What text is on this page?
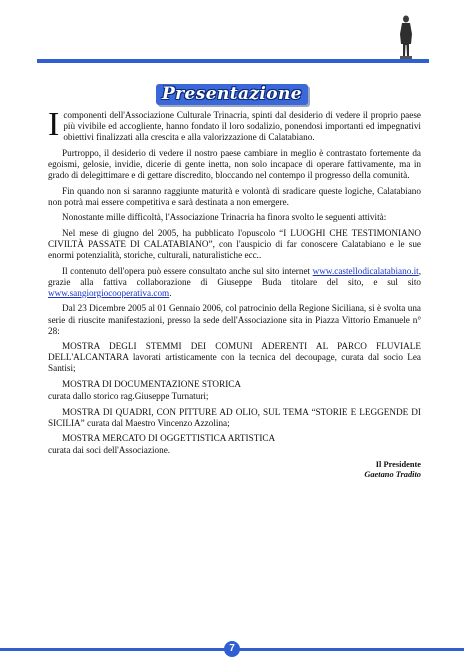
Presentazione

Icomponenti dell'Associazione Culturale Trinacria, spinti dal desiderio di vedere il proprio paese più vivibile ed accogliente, hanno fondato il loro sodalizio, ponendosi importanti ed impegnativi obiettivi finalizzati alla crescita e alla valorizzazione di Calatabiano.

Purtroppo, il desiderio di vedere il nostro paese cambiare in meglio è contrastato fortemente da egoismi, gelosie, invidie, dicerie di gente inetta, non solo incapace di operare fattivamente, ma in grado di delegittimare e di gettare discredito, bloccando nel contempo il progresso della comunità.

Fin quando non si saranno raggiunte maturità e volontà di sradicare queste logiche, Calatabiano non potrà mai essere competitiva e sarà destinata a non emergere.

Nonostante mille difficoltà, l'Associazione Trinacria ha finora svolto le seguenti attività:

Nel mese di giugno del 2005, ha pubblicato l'opuscolo “I LUOGHI CHE TESTIMONIANO CIVILTÀ PASSATE DI CALATABIANO”, con l'auspicio di far conoscere Calatabiano e le sue enormi potenzialità, storiche, culturali, naturalistiche ecc..

Il contenuto dell'opera può essere consultato anche sul sito internet www.castellodicalatabiano.it, grazie alla fattiva collaborazione di Giuseppe Buda titolare del sito, e sul sito www.sangiorgiocooperativa.com.

Dal 23 Dicembre 2005 al 01 Gennaio 2006, col patrocinio della Regione Siciliana, si è svolta una serie di riuscite manifestazioni, presso la sede dell'Associazione sita in Piazza Vittorio Emanuele n° 28:

MOSTRA DEGLI STEMMI DEI COMUNI ADERENTI AL PARCO FLUVIALE DELL'ALCANTARA lavorati artisticamente con la tecnica del decoupage, curata dal socio Lea Santisi;

MOSTRA DI DOCUMENTAZIONE STORICA

curata dallo storico rag.Giuseppe Turnaturi;

MOSTRA DI QUADRI, CON PITTURE AD OLIO, SUL TEMA “STORIE E LEGGENDE DI SICILIA” curata dal Maestro Vincenzo Azzolina;

MOSTRA MERCATO DI OGGETTISTICA ARTISTICA

curata dai soci dell'Associazione.
Il Presidente
Gaetano Tradito
7
